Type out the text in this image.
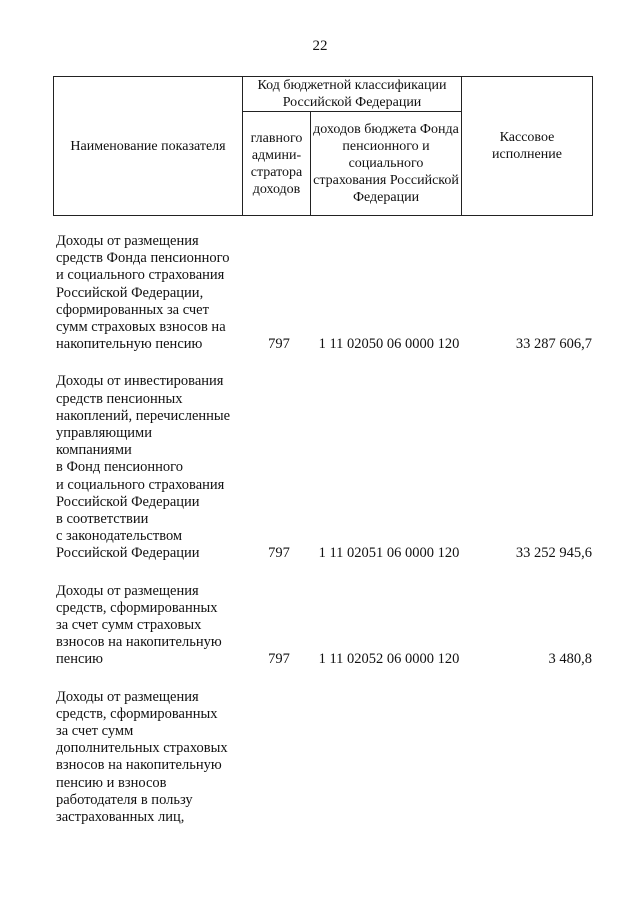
22
Наименование показателя	Код бюджетной классификации Российской Федерации		Кассовое исполнение
	главного админи-стратора доходов	доходов бюджета Фонда пенсионного и социального страхования Российской Федерации	
Доходы от размещения
средств Фонда пенсионного
и социального страхования
Российской Федерации,
сформированных за счет
сумм страховых взносов на
накопительную пенсию	797	1 11 02050 06 0000 120	33 287 606,7
Доходы от инвестирования
средств пенсионных
накоплений, перечисленные
управляющими
компаниями
в Фонд пенсионного
и социального страхования
Российской Федерации
в соответствии
с законодательством
Российской Федерации	797	1 11 02051 06 0000 120	33 252 945,6
Доходы от размещения
средств, сформированных
за счет сумм страховых
взносов на накопительную
пенсию	797	1 11 02052 06 0000 120	3 480,8
Доходы от размещения
средств, сформированных
за счет сумм
дополнительных страховых
взносов на накопительную
пенсию и взносов
работодателя в пользу
застрахованных лиц,
